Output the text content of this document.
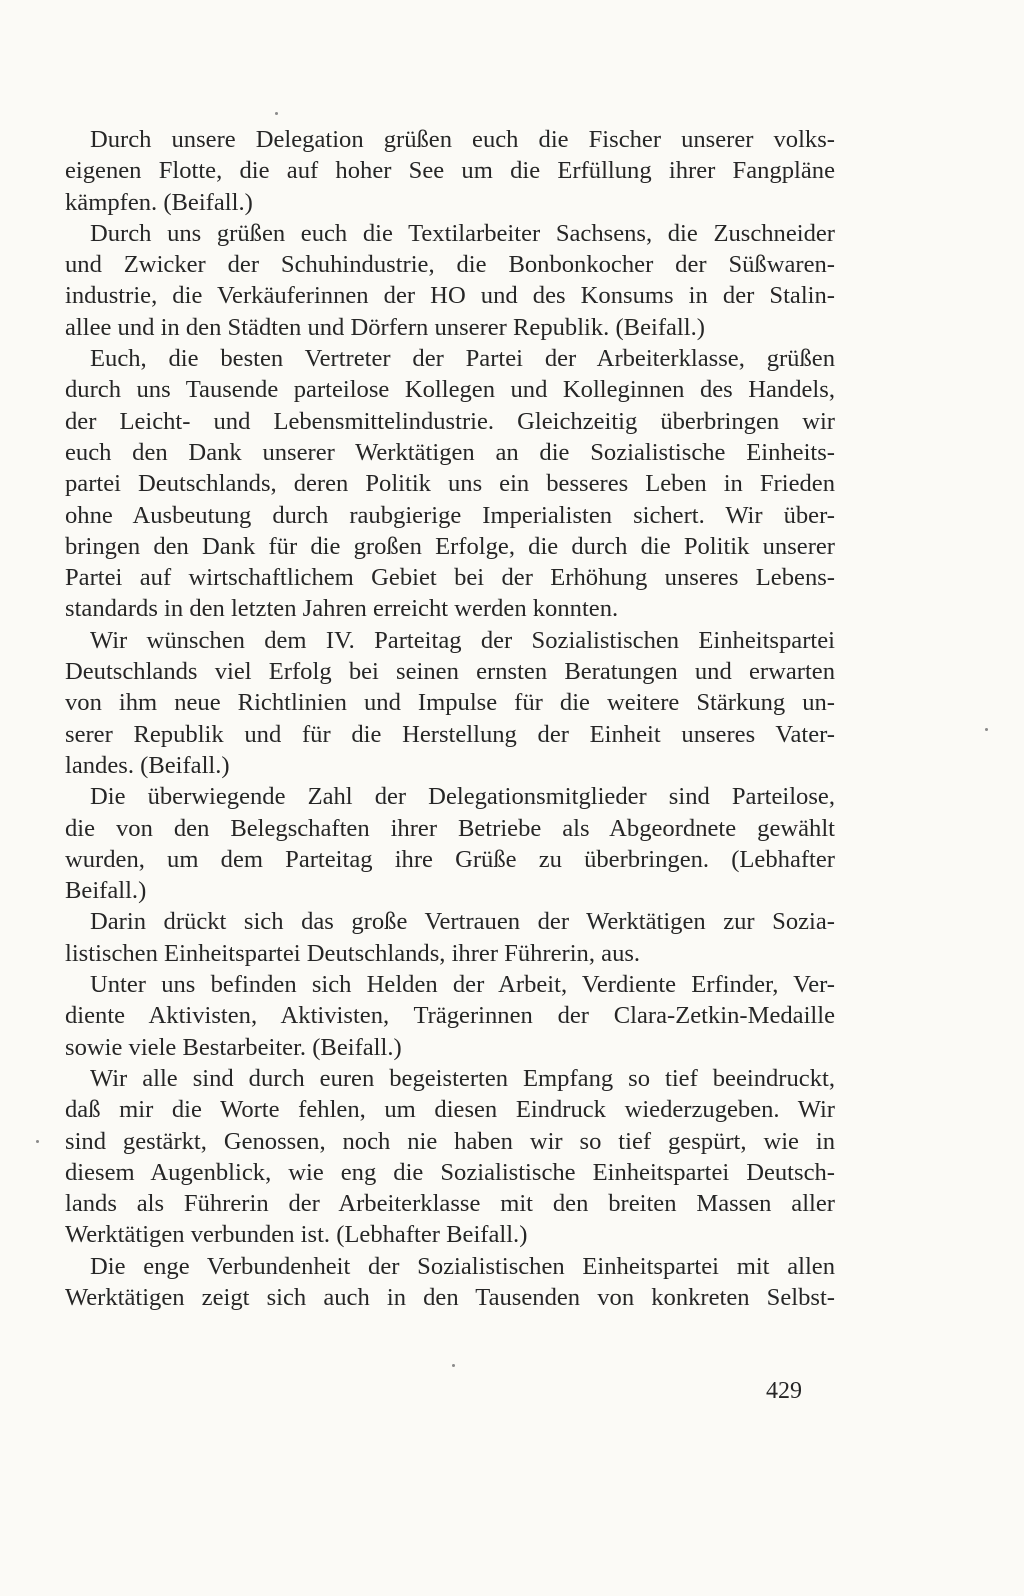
Durch unsere Delegation grüßen euch die Fischer unserer volks-
eigenen Flotte, die auf hoher See um die Erfüllung ihrer Fangpläne
kämpfen. (Beifall.)
Durch uns grüßen euch die Textilarbeiter Sachsens, die Zuschneider
und Zwicker der Schuhindustrie, die Bonbonkocher der Süßwaren-
industrie, die Verkäuferinnen der HO und des Konsums in der Stalin-
allee und in den Städten und Dörfern unserer Republik. (Beifall.)
Euch, die besten Vertreter der Partei der Arbeiterklasse, grüßen
durch uns Tausende parteilose Kollegen und Kolleginnen des Handels,
der Leicht- und Lebensmittelindustrie. Gleichzeitig überbringen wir
euch den Dank unserer Werktätigen an die Sozialistische Einheits-
partei Deutschlands, deren Politik uns ein besseres Leben in Frieden
ohne Ausbeutung durch raubgierige Imperialisten sichert. Wir über-
bringen den Dank für die großen Erfolge, die durch die Politik unserer
Partei auf wirtschaftlichem Gebiet bei der Erhöhung unseres Lebens-
standards in den letzten Jahren erreicht werden konnten.
Wir wünschen dem IV. Parteitag der Sozialistischen Einheitspartei
Deutschlands viel Erfolg bei seinen ernsten Beratungen und erwarten
von ihm neue Richtlinien und Impulse für die weitere Stärkung un-
serer Republik und für die Herstellung der Einheit unseres Vater-
landes. (Beifall.)
Die überwiegende Zahl der Delegationsmitglieder sind Parteilose,
die von den Belegschaften ihrer Betriebe als Abgeordnete gewählt
wurden, um dem Parteitag ihre Grüße zu überbringen. (Lebhafter
Beifall.)
Darin drückt sich das große Vertrauen der Werktätigen zur Sozia-
listischen Einheitspartei Deutschlands, ihrer Führerin, aus.
Unter uns befinden sich Helden der Arbeit, Verdiente Erfinder, Ver-
diente Aktivisten, Aktivisten, Trägerinnen der Clara-Zetkin-Medaille
sowie viele Bestarbeiter. (Beifall.)
Wir alle sind durch euren begeisterten Empfang so tief beeindruckt,
daß mir die Worte fehlen, um diesen Eindruck wiederzugeben. Wir
sind gestärkt, Genossen, noch nie haben wir so tief gespürt, wie in
diesem Augenblick, wie eng die Sozialistische Einheitspartei Deutsch-
lands als Führerin der Arbeiterklasse mit den breiten Massen aller
Werktätigen verbunden ist. (Lebhafter Beifall.)
Die enge Verbundenheit der Sozialistischen Einheitspartei mit allen
Werktätigen zeigt sich auch in den Tausenden von konkreten Selbst-
429
